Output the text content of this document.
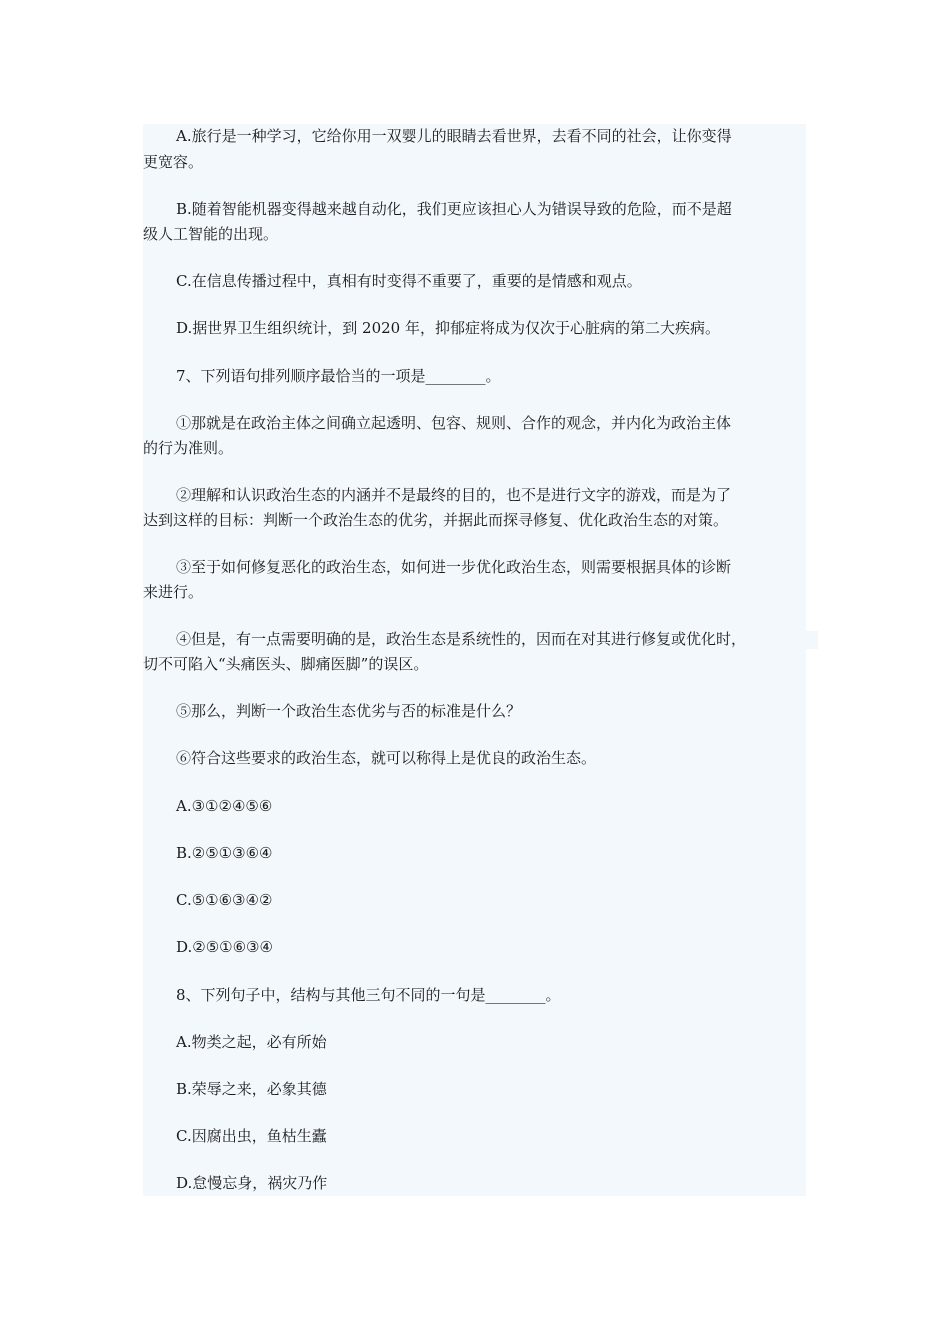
A.旅行是一种学习，它给你用一双婴儿的眼睛去看世界，去看不同的社会，让你变得

更宽容。

B.随着智能机器变得越来越自动化，我们更应该担心人为错误导致的危险，而不是超

级人工智能的出现。

C.在信息传播过程中，真相有时变得不重要了，重要的是情感和观点。

D.据世界卫生组织统计，到 2020 年，抑郁症将成为仅次于心脏病的第二大疾病。

7、下列语句排列顺序最恰当的一项是________。

①那就是在政治主体之间确立起透明、包容、规则、合作的观念，并内化为政治主体

的行为准则。

②理解和认识政治生态的内涵并不是最终的目的，也不是进行文字的游戏，而是为了

达到这样的目标：判断一个政治生态的优劣，并据此而探寻修复、优化政治生态的对策。

③至于如何修复恶化的政治生态，如何进一步优化政治生态，则需要根据具体的诊断

来进行。

④但是，有一点需要明确的是，政治生态是系统性的，因而在对其进行修复或优化时，

切不可陷入“头痛医头、脚痛医脚”的误区。

⑤那么，判断一个政治生态优劣与否的标准是什么？

⑥符合这些要求的政治生态，就可以称得上是优良的政治生态。

A.③①②④⑤⑥

B.②⑤①③⑥④

C.⑤①⑥③④②

D.②⑤①⑥③④

8、下列句子中，结构与其他三句不同的一句是________。

A.物类之起，必有所始

B.荣辱之来，必象其德

C.因腐出虫，鱼枯生蠹

D.怠慢忘身，祸灾乃作
